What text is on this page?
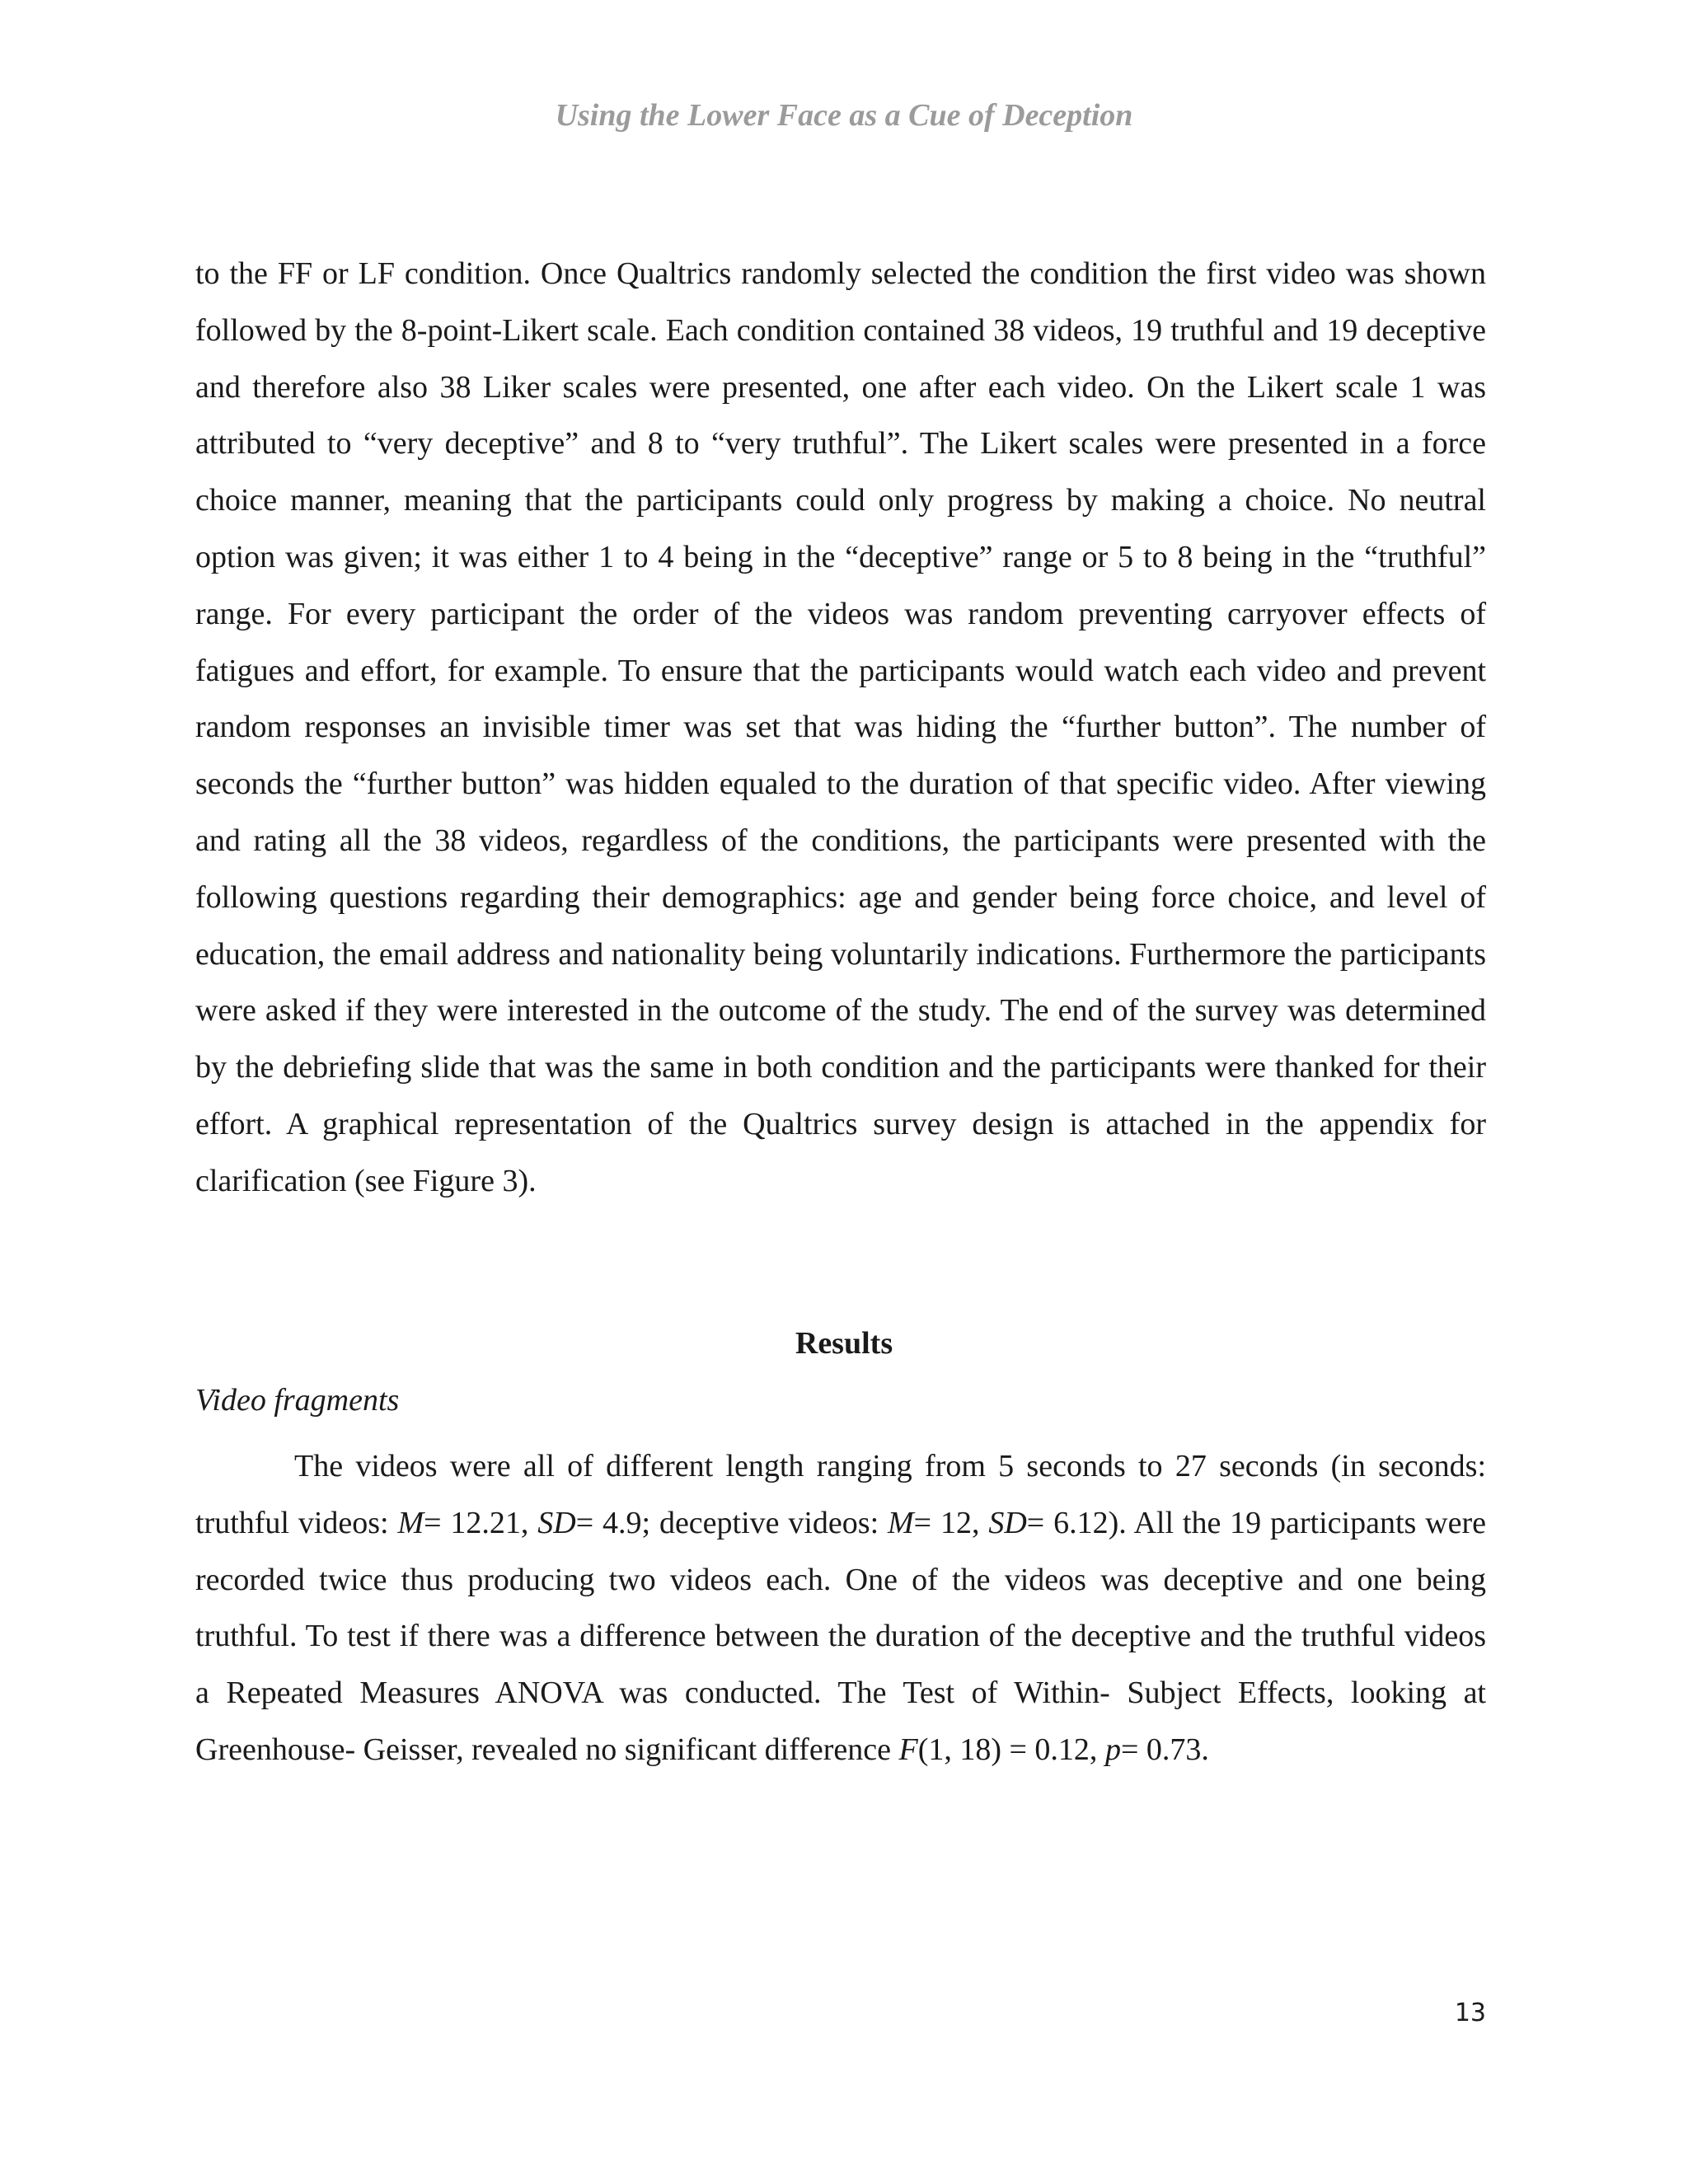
Using the Lower Face as a Cue of Deception
to the FF or LF condition. Once Qualtrics randomly selected the condition the first video was shown followed by the 8-point-Likert scale. Each condition contained 38 videos, 19 truthful and 19 deceptive and therefore also 38 Liker scales were presented, one after each video. On the Likert scale 1 was attributed to “very deceptive” and 8 to “very truthful”. The Likert scales were presented in a force choice manner, meaning that the participants could only progress by making a choice. No neutral option was given; it was either 1 to 4 being in the “deceptive” range or 5 to 8 being in the “truthful” range. For every participant the order of the videos was random preventing carryover effects of fatigues and effort, for example. To ensure that the participants would watch each video and prevent random responses an invisible timer was set that was hiding the “further button”. The number of seconds the “further button” was hidden equaled to the duration of that specific video. After viewing and rating all the 38 videos, regardless of the conditions, the participants were presented with the following questions regarding their demographics: age and gender being force choice, and level of education, the email address and nationality being voluntarily indications. Furthermore the participants were asked if they were interested in the outcome of the study. The end of the survey was determined by the debriefing slide that was the same in both condition and the participants were thanked for their effort. A graphical representation of the Qualtrics survey design is attached in the appendix for clarification (see Figure 3).
Results
Video fragments
The videos were all of different length ranging from 5 seconds to 27 seconds (in seconds: truthful videos: M= 12.21, SD= 4.9; deceptive videos: M= 12, SD= 6.12). All the 19 participants were recorded twice thus producing two videos each. One of the videos was deceptive and one being truthful. To test if there was a difference between the duration of the deceptive and the truthful videos a Repeated Measures ANOVA was conducted. The Test of Within- Subject Effects, looking at Greenhouse- Geisser, revealed no significant difference F(1, 18) = 0.12, p= 0.73.
13
